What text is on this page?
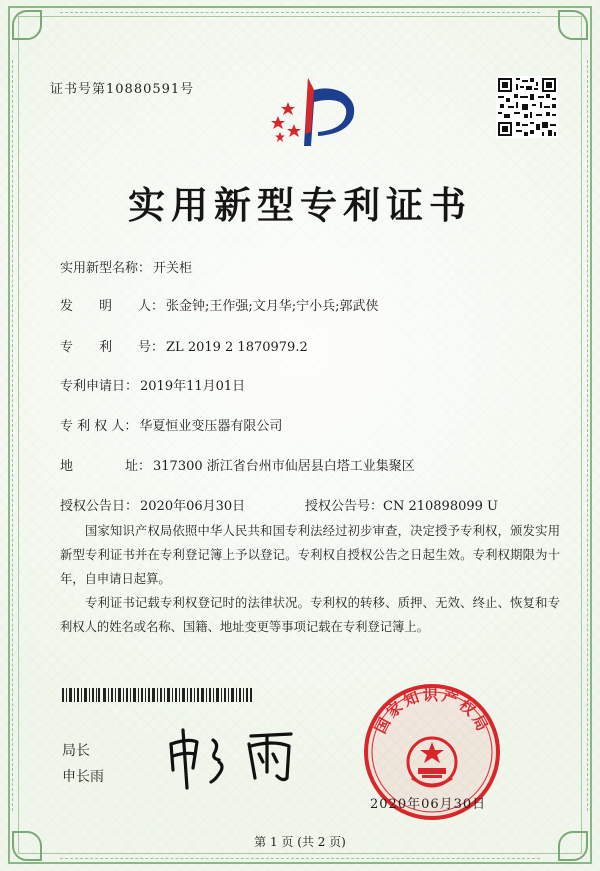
证书号第10880591号
实用新型专利证书
实用新型名称： 开关柜
发　　明　　人： 张金钟;王作强;文月华;宁小兵;郭武侠
专　　利　　号： ZL 2019 2 1870979.2
专利申请日： 2019年11月01日
专 利 权 人： 华夏恒业变压器有限公司
地　　　　址： 317300 浙江省台州市仙居县白塔工业集聚区
授权公告日： 2020年06月30日	授权公告号：CN 210898099 U
国家知识产权局依照中华人民共和国专利法经过初步审查，决定授予专利权，颁发实用新型专利证书并在专利登记簿上予以登记。专利权自授权公告之日起生效。专利权期限为十年，自申请日起算。
专利证书记载专利权登记时的法律状况。专利权的转移、质押、无效、终止、恢复和专利权人的姓名或名称、国籍、地址变更等事项记载在专利登记簿上。
局长
申长雨
国家知识产权局
2020年06月30日
第 1 页 (共 2 页)
